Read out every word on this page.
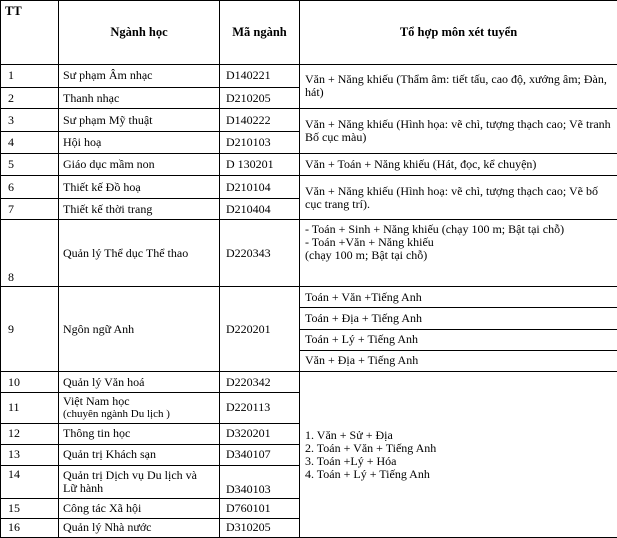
TT	Ngành học	Mã ngành	Tổ hợp môn xét tuyển
1	Sư phạm Âm nhạc	D140221	Văn + Năng khiếu (Thẩm âm: tiết tấu, cao độ, xướng âm; Đàn, hát)
2	Thanh nhạc	D210205	
3	Sư phạm Mỹ thuật	D140222	Văn + Năng khiếu (Hình họa: vẽ chì, tượng thạch cao; Vẽ tranh Bố cục màu)
4	Hội hoạ	D210103	
5	Giáo dục mầm non	D 130201	Văn + Toán + Năng khiếu (Hát, đọc, kể chuyện)
6	Thiết kế Đồ hoạ	D210104	Văn + Năng khiếu (Hình hoạ: vẽ chì, tượng thạch cao; Vẽ bố cục trang trí).
7	Thiết kế thời trang	D210404	
8	Quản lý Thể dục Thể thao	D220343	- Toán + Sinh + Năng khiếu (chạy 100 m; Bật tại chỗ)
- Toán +Văn + Năng khiếu
(chạy 100 m; Bật tại chỗ)

9	Ngôn ngữ Anh	D220201	Toán + Văn +Tiếng Anh
			Toán + Địa + Tiếng Anh
			Toán + Lý + Tiếng Anh
			Văn + Địa + Tiếng Anh
10	Quản lý Văn hoá	D220342	1. Văn + Sử + Địa
2. Toán + Văn + Tiếng Anh
3. Toán +Lý + Hóa
4. Toán + Lý + Tiếng Anh

11	Việt Nam học
(chuyên ngành Du lịch )	D220113	
12	Thông tin học	D320201	
13	Quản trị Khách sạn	D340107	
14	Quản trị Dịch vụ Du lịch và
Lữ hành	D340103	
15	Công tác Xã hội	D760101	
16	Quản lý Nhà nước	D310205	
